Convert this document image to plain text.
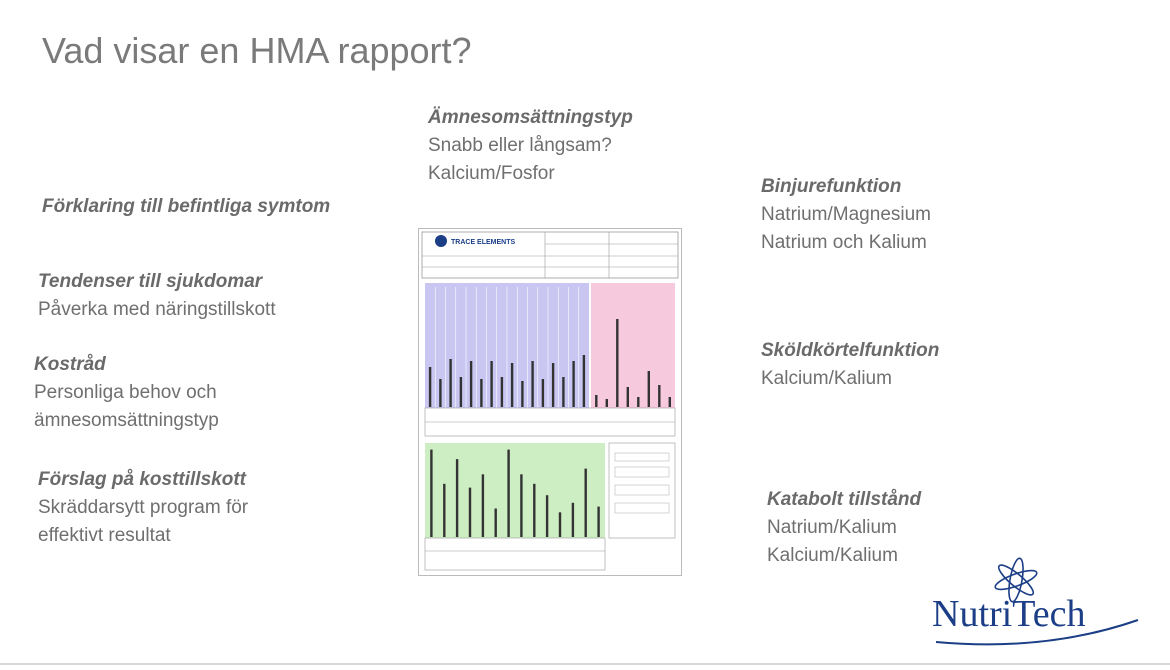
Vad visar en HMA rapport?
Ämnesomsättningstyp
Snabb eller långsam?
Kalcium/Fosfor
Förklaring till befintliga symtom
Tendenser till sjukdomar
Påverka med näringstillskott
Kostråd
Personliga behov och
ämnesomsättningstyp
Förslag på kosttillskott
Skräddarsytt program för
effektivt resultat
Binjurefunktion
Natrium/Magnesium
Natrium och Kalium
Sköldkörtelfunktion
Kalcium/Kalium
Katabolt tillstånd
Natrium/Kalium
Kalcium/Kalium
TRACE ELEMENTS
NutriTech
